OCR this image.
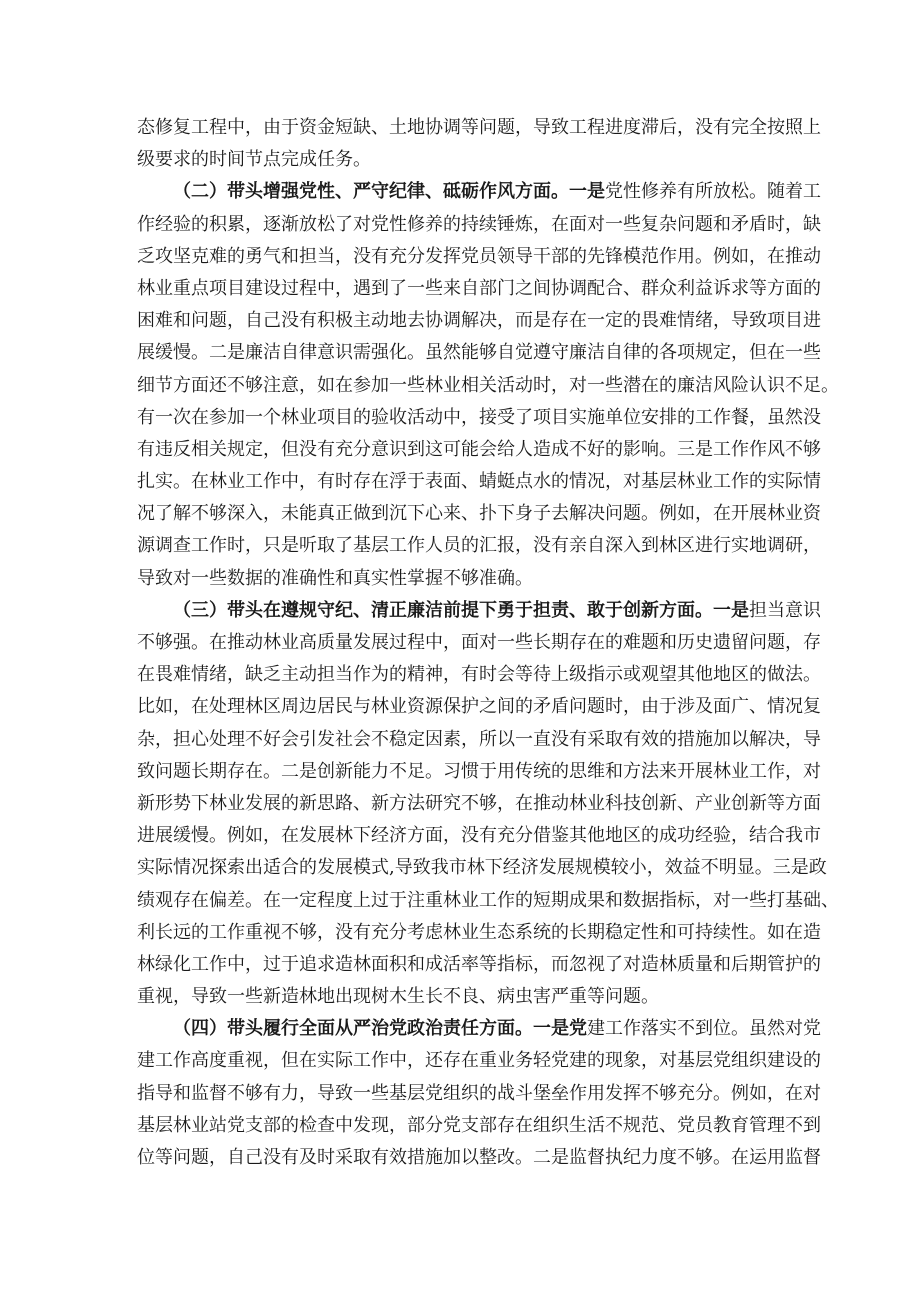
态修复工程中，由于资金短缺、土地协调等问题，导致工程进度滞后，没有完全按照上
级要求的时间节点完成任务。
（二）带头增强党性、严守纪律、砥砺作风方面。一是党性修养有所放松。随着工
作经验的积累，逐渐放松了对党性修养的持续锤炼，在面对一些复杂问题和矛盾时，缺
乏攻坚克难的勇气和担当，没有充分发挥党员领导干部的先锋模范作用。例如，在推动
林业重点项目建设过程中，遇到了一些来自部门之间协调配合、群众利益诉求等方面的
困难和问题，自己没有积极主动地去协调解决，而是存在一定的畏难情绪，导致项目进
展缓慢。二是廉洁自律意识需强化。虽然能够自觉遵守廉洁自律的各项规定，但在一些
细节方面还不够注意，如在参加一些林业相关活动时，对一些潜在的廉洁风险认识不足。
有一次在参加一个林业项目的验收活动中，接受了项目实施单位安排的工作餐，虽然没
有违反相关规定，但没有充分意识到这可能会给人造成不好的影响。三是工作作风不够
扎实。在林业工作中，有时存在浮于表面、蜻蜓点水的情况，对基层林业工作的实际情
况了解不够深入，未能真正做到沉下心来、扑下身子去解决问题。例如，在开展林业资
源调查工作时，只是听取了基层工作人员的汇报，没有亲自深入到林区进行实地调研，
导致对一些数据的准确性和真实性掌握不够准确。
（三）带头在遵规守纪、清正廉洁前提下勇于担责、敢于创新方面。一是担当意识
不够强。在推动林业高质量发展过程中，面对一些长期存在的难题和历史遗留问题，存
在畏难情绪，缺乏主动担当作为的精神，有时会等待上级指示或观望其他地区的做法。
比如，在处理林区周边居民与林业资源保护之间的矛盾问题时，由于涉及面广、情况复
杂，担心处理不好会引发社会不稳定因素，所以一直没有采取有效的措施加以解决，导
致问题长期存在。二是创新能力不足。习惯于用传统的思维和方法来开展林业工作，对
新形势下林业发展的新思路、新方法研究不够，在推动林业科技创新、产业创新等方面
进展缓慢。例如，在发展林下经济方面，没有充分借鉴其他地区的成功经验，结合我市
实际情况探索出适合的发展模式,导致我市林下经济发展规模较小，效益不明显。三是政
绩观存在偏差。在一定程度上过于注重林业工作的短期成果和数据指标，对一些打基础、
利长远的工作重视不够，没有充分考虑林业生态系统的长期稳定性和可持续性。如在造
林绿化工作中，过于追求造林面积和成活率等指标，而忽视了对造林质量和后期管护的
重视，导致一些新造林地出现树木生长不良、病虫害严重等问题。
（四）带头履行全面从严治党政治责任方面。一是党建工作落实不到位。虽然对党
建工作高度重视，但在实际工作中，还存在重业务轻党建的现象，对基层党组织建设的
指导和监督不够有力，导致一些基层党组织的战斗堡垒作用发挥不够充分。例如，在对
基层林业站党支部的检查中发现，部分党支部存在组织生活不规范、党员教育管理不到
位等问题，自己没有及时采取有效措施加以整改。二是监督执纪力度不够。在运用监督
